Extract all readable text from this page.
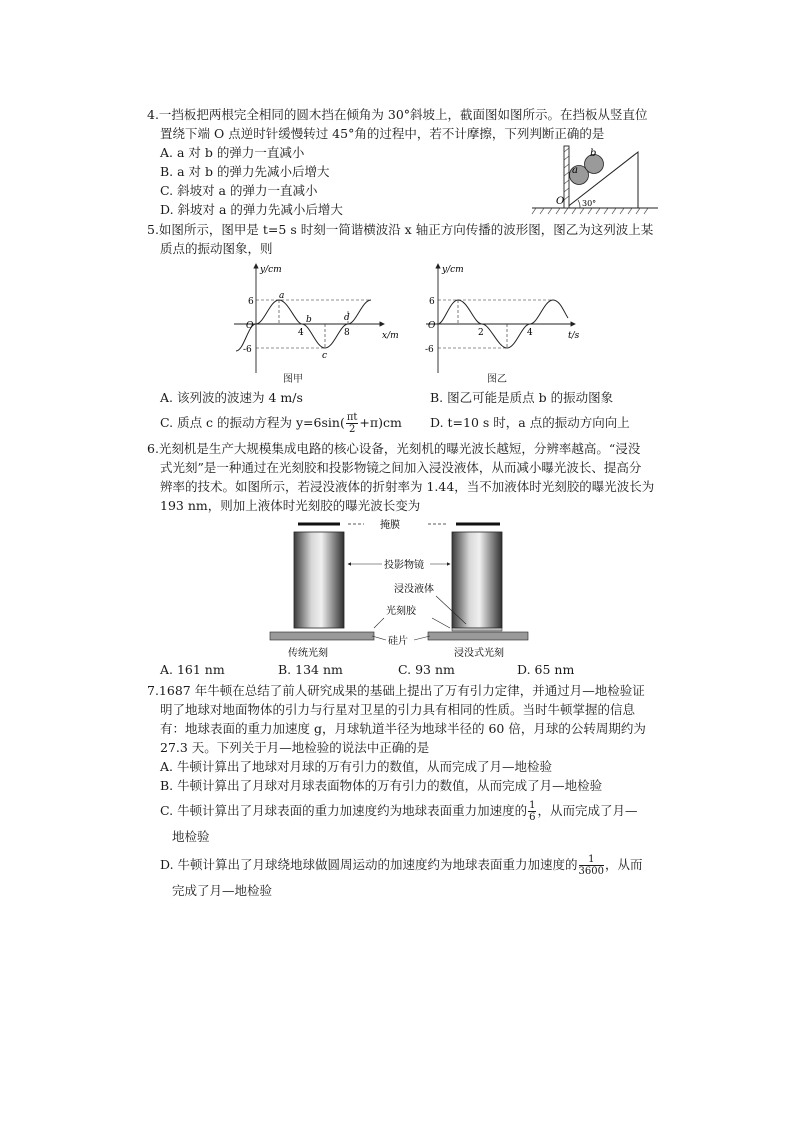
4.一挡板把两根完全相同的圆木挡在倾角为 30°斜坡上，截面图如图所示。在挡板从竖直位
置绕下端 O 点逆时针缓慢转过 45°角的过程中，若不计摩擦，下列判断正确的是
A. a 对 b 的弹力一直减小
B. a 对 b 的弹力先减小后增大
C. 斜坡对 a 的弹力一直减小
D. 斜坡对 a 的弹力先减小后增大
a
b
O 30°
5.如图所示，图甲是 t=5 s 时刻一简谐横波沿 x 轴正方向传播的波形图，图乙为这列波上某
质点的振动图象，则
y/cm
x/m
O
6
-6
4	8
a
b
c
d
图甲
y/cm
t/s
O
6
-6
2	4
图乙
A. 该列波的波速为 4 m/s	B. 图乙可能是质点 b 的振动图象
C. 质点 c 的振动方程为 $y=6\sin( \frac{\pi t}{2} +\pi)cm$ D. t=10 s 时，a 点的振动方向向上
6.光刻机是生产大规模集成电路的核心设备，光刻机的曝光波长越短，分辨率越高。“浸没
式光刻”是一种通过在光刻胶和投影物镜之间加入浸没液体，从而减小曝光波长、提高分
辨率的技术。如图所示，若浸没液体的折射率为 1.44，当不加液体时光刻胶的曝光波长为
193 nm，则加上液体时光刻胶的曝光波长变为
掩膜
投影物镜
浸没液体
光刻胶
硅片
传统光刻	浸没式光刻
A. 161 nm	B. 134 nm	C. 93 nm	D. 65 nm
7.1687 年牛顿在总结了前人研究成果的基础上提出了万有引力定律，并通过月—地检验证
明了地球对地面物体的引力与行星对卫星的引力具有相同的性质。当时牛顿掌握的信息
有：地球表面的重力加速度 g，月球轨道半径为地球半径的 60 倍，月球的公转周期约为
27.3 天。下列关于月—地检验的说法中正确的是
A. 牛顿计算出了地球对月球的万有引力的数值，从而完成了月—地检验
B. 牛顿计算出了月球对月球表面物体的万有引力的数值，从而完成了月—地检验
C. 牛顿计算出了月球表面的重力加速度约为地球表面重力加速度的 $\frac{1}{6}$ ，从而完成了月—
地检验
D. 牛顿计算出了月球绕地球做圆周运动的加速度约为地球表面重力加速度的 $\frac{1}{3600}$ ，从而
完成了月—地检验
